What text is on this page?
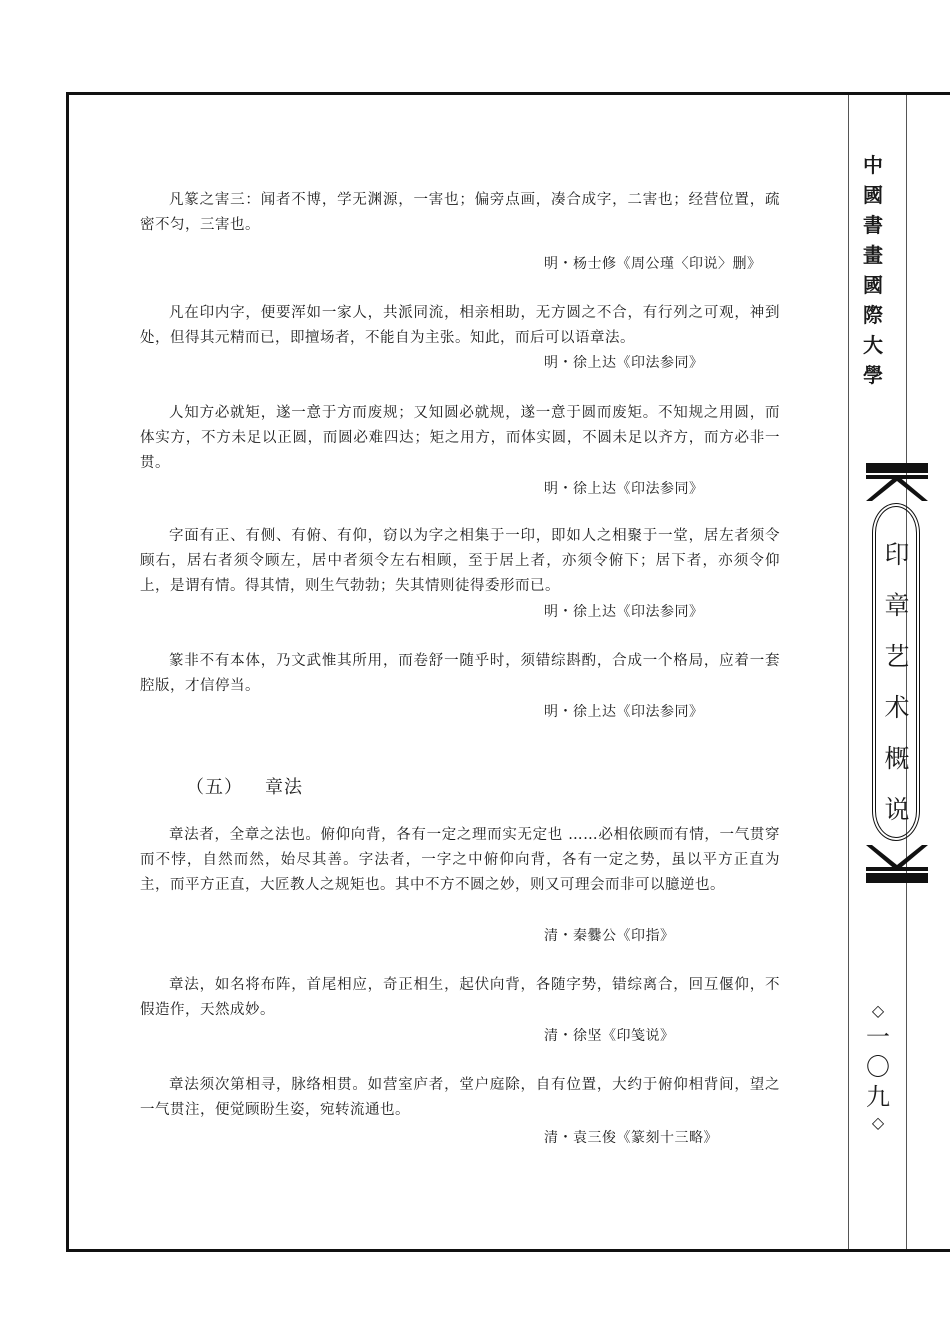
凡篆之害三：闻者不博，学无渊源，一害也；偏旁点画，凑合成字，二害也；经营位置，疏密不匀，三害也。

明・杨士修《周公瑾〈印说〉删》

凡在印内字，便要浑如一家人，共派同流，相亲相助，无方圆之不合，有行列之可观，神到处，但得其元精而已，即擅场者，不能自为主张。知此，而后可以语章法。

明・徐上达《印法参同》

人知方必就矩，遂一意于方而废规；又知圆必就规，遂一意于圆而废矩。不知规之用圆，而体实方，不方未足以正圆，而圆必难四达；矩之用方，而体实圆，不圆未足以齐方，而方必非一贯。

明・徐上达《印法参同》

字面有正、有侧、有俯、有仰，窃以为字之相集于一印，即如人之相聚于一堂，居左者须令顾右，居右者须令顾左，居中者须令左右相顾，至于居上者，亦须令俯下；居下者，亦须令仰上，是谓有情。得其情，则生气勃勃；失其情则徒得委形而已。

明・徐上达《印法参同》

篆非不有本体，乃文武惟其所用，而卷舒一随乎时，须错综斟酌，合成一个格局，应着一套腔版，才信停当。

明・徐上达《印法参同》
（五） 章法

章法者，全章之法也。俯仰向背，各有一定之理而实无定也 ……必相依顾而有情，一气贯穿而不悖，自然而然，始尽其善。字法者，一字之中俯仰向背，各有一定之势，虽以平方正直为主，而平方正直，大匠教人之规矩也。其中不方不圆之妙，则又可理会而非可以臆逆也。

清・秦爨公《印指》

章法，如名将布阵，首尾相应，奇正相生，起伏向背，各随字势，错综离合，回互偃仰，不假造作，天然成妙。

清・徐坚《印笺说》

章法须次第相寻，脉络相贯。如营室庐者，堂户庭除，自有位置，大约于俯仰相背间，望之一气贯注，便觉顾盼生姿，宛转流通也。

清・袁三俊《篆刻十三略》
中
國
書
畫
國
際
大
學
印
章
艺
术
概
说
◇
一
〇
九
◇
